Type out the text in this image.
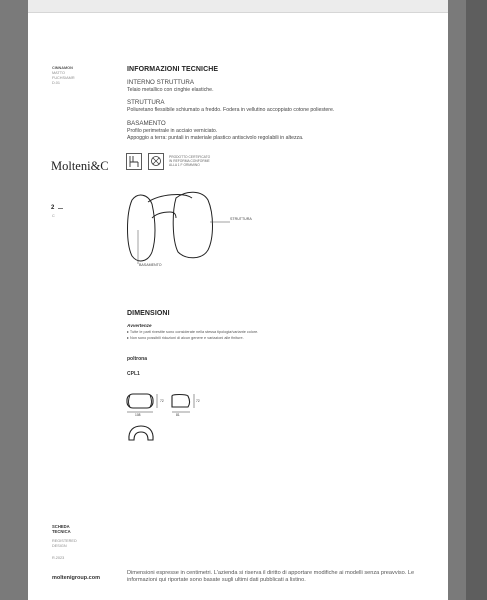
CINNAMON
MATTO
FUCHSIAMR
D.01
Molteni&C
2
C
SCHEDA
TECNICA
REGISTERED
DESIGN
R.2023
moltenigroup.com
INFORMAZIONI TECNICHE
INTERNO STRUTTURA
Telaio metallico con cinghie elastiche.
STRUTTURA
Poliuretano flessibile schiumato a freddo. Fodera in vellutino accoppiato cotone poliestere.
BASAMENTO
Profilo perimetrale in acciaio verniciato.
Appoggio a terra: puntali in materiale plastico antiscivolo regolabili in altezza.
PRODOTTO CERTIFICATO
IN REFORMA CONFORME
ALLA 1 F ORMMINO
STRUTTURA
BASAMENTO
DIMENSIONI
Avvertenze
▸ Tutte le parti rivestite sono considerate nella stessa tipologia/variante colore.
▸ Non sono possibili riduzioni di alcun genere e variazioni alle finiture.
poltrona
CPL1
108
72
81
72
Dimensioni espresse in centimetri. L'azienda si riserva il diritto di apportare modifiche ai modelli senza preavviso. Le
informazioni qui riportate sono basate sugli ultimi dati pubblicati a listino.
